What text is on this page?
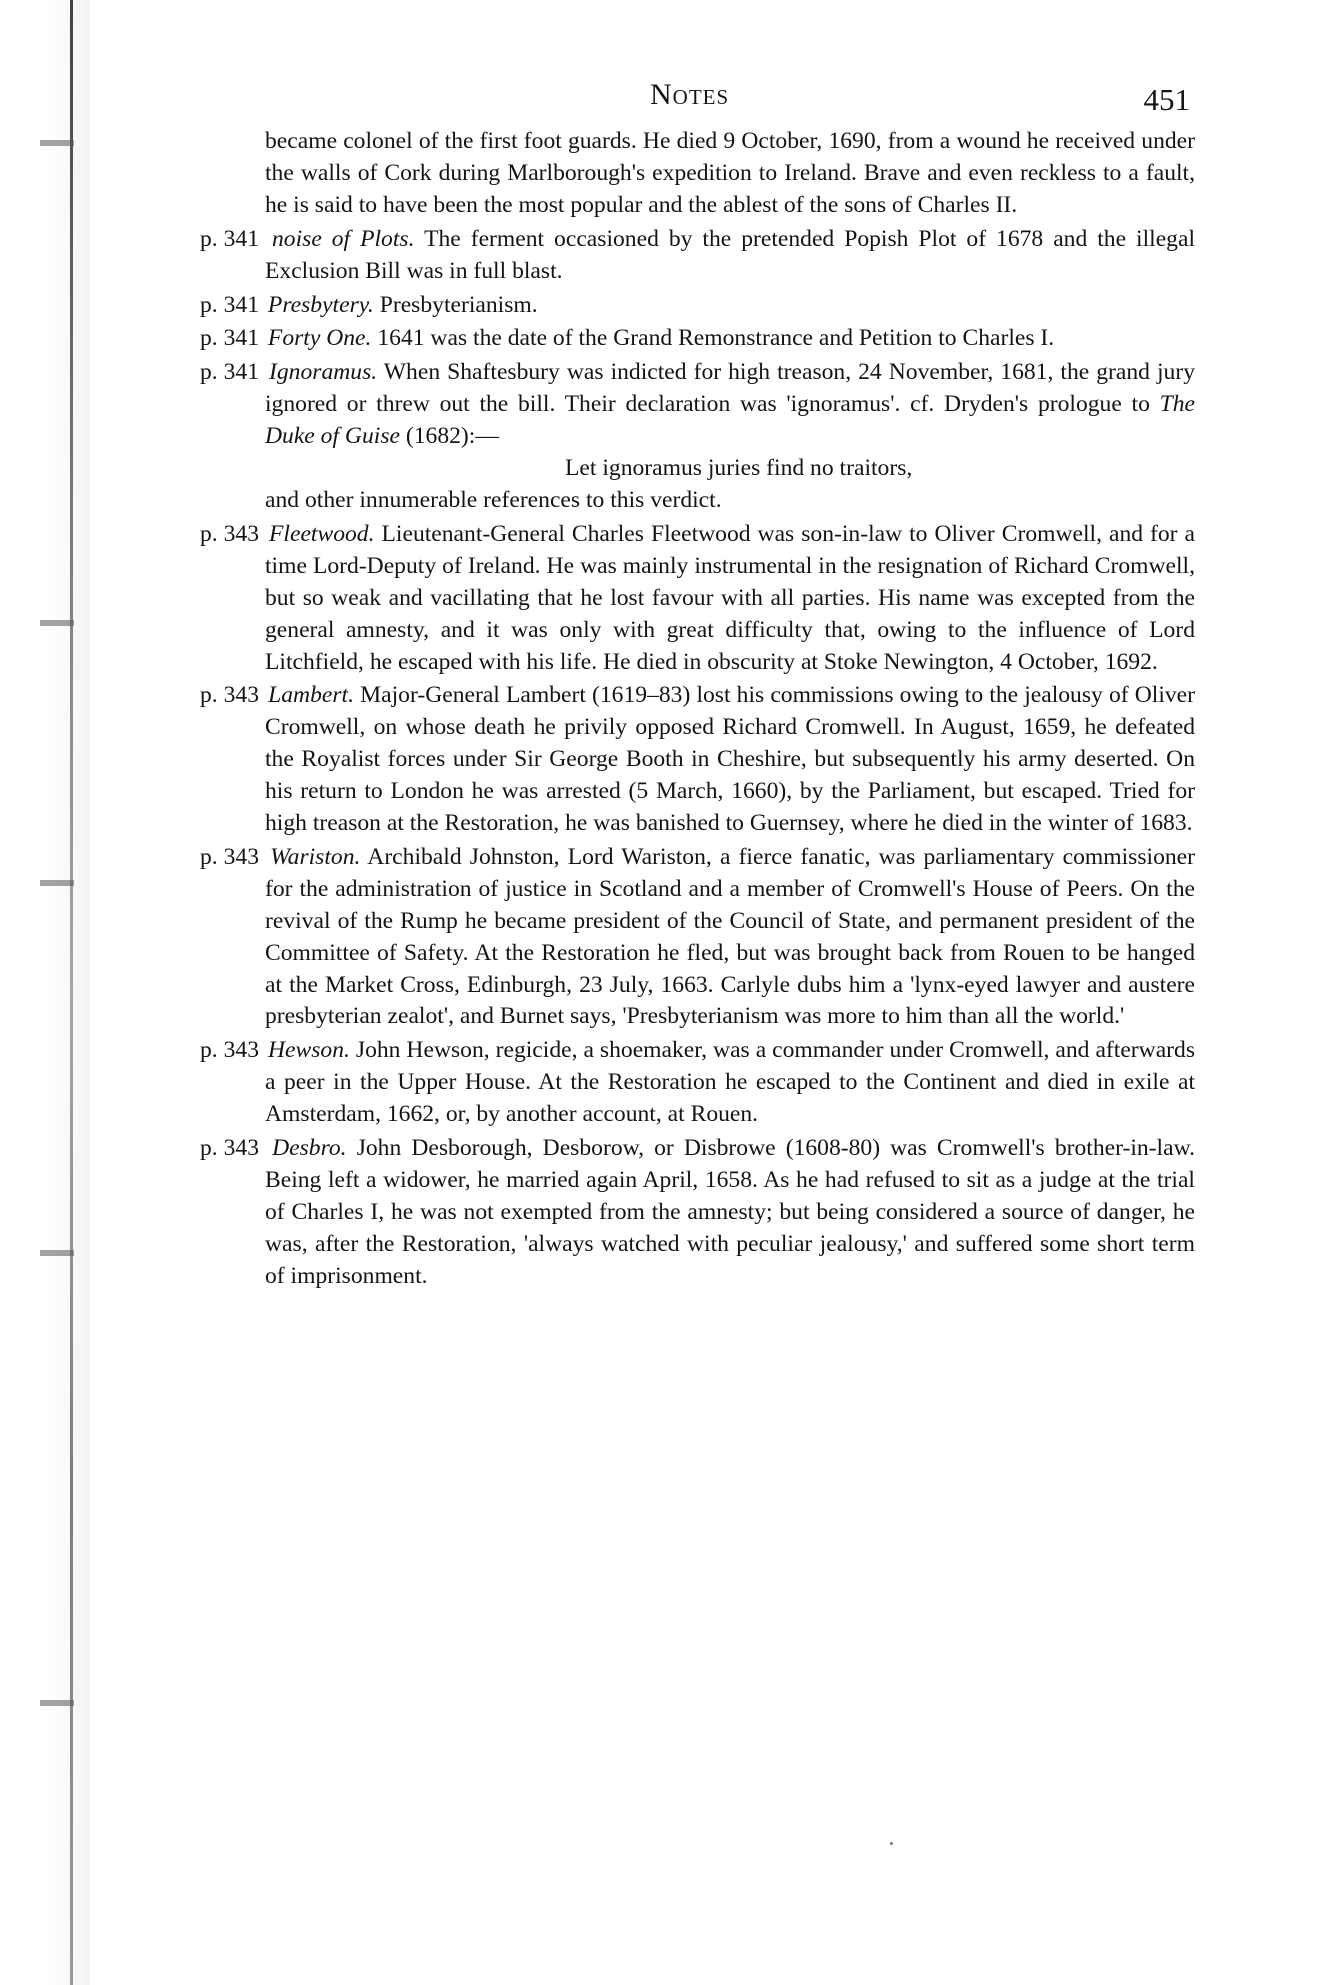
Notes	451
became colonel of the first foot guards. He died 9 October, 1690, from a wound he received under the walls of Cork during Marlborough's expedition to Ireland. Brave and even reckless to a fault, he is said to have been the most popular and the ablest of the sons of Charles II.
p. 341 noise of Plots. The ferment occasioned by the pretended Popish Plot of 1678 and the illegal Exclusion Bill was in full blast.
p. 341 Presbytery. Presbyterianism.
p. 341 Forty One. 1641 was the date of the Grand Remonstrance and Petition to Charles I.
p. 341 Ignoramus. When Shaftesbury was indicted for high treason, 24 November, 1681, the grand jury ignored or threw out the bill. Their declaration was 'ignoramus'. cf. Dryden's prologue to The Duke of Guise (1682):—
Let ignoramus juries find no traitors,
and other innumerable references to this verdict.
p. 343 Fleetwood. Lieutenant-General Charles Fleetwood was son-in-law to Oliver Cromwell, and for a time Lord-Deputy of Ireland. He was mainly instrumental in the resignation of Richard Cromwell, but so weak and vacillating that he lost favour with all parties. His name was excepted from the general amnesty, and it was only with great difficulty that, owing to the influence of Lord Litchfield, he escaped with his life. He died in obscurity at Stoke Newington, 4 October, 1692.
p. 343 Lambert. Major-General Lambert (1619–83) lost his commissions owing to the jealousy of Oliver Cromwell, on whose death he privily opposed Richard Cromwell. In August, 1659, he defeated the Royalist forces under Sir George Booth in Cheshire, but subsequently his army deserted. On his return to London he was arrested (5 March, 1660), by the Parliament, but escaped. Tried for high treason at the Restoration, he was banished to Guernsey, where he died in the winter of 1683.
p. 343 Wariston. Archibald Johnston, Lord Wariston, a fierce fanatic, was parliamentary commissioner for the administration of justice in Scotland and a member of Cromwell's House of Peers. On the revival of the Rump he became president of the Council of State, and permanent president of the Committee of Safety. At the Restoration he fled, but was brought back from Rouen to be hanged at the Market Cross, Edinburgh, 23 July, 1663. Carlyle dubs him a 'lynx-eyed lawyer and austere presbyterian zealot', and Burnet says, 'Presbyterianism was more to him than all the world.'
p. 343 Hewson. John Hewson, regicide, a shoemaker, was a commander under Cromwell, and afterwards a peer in the Upper House. At the Restoration he escaped to the Continent and died in exile at Amsterdam, 1662, or, by another account, at Rouen.
p. 343 Desbro. John Desborough, Desborow, or Disbrowe (1608-80) was Cromwell's brother-in-law. Being left a widower, he married again April, 1658. As he had refused to sit as a judge at the trial of Charles I, he was not exempted from the amnesty; but being considered a source of danger, he was, after the Restoration, 'always watched with peculiar jealousy,' and suffered some short term of imprisonment.
